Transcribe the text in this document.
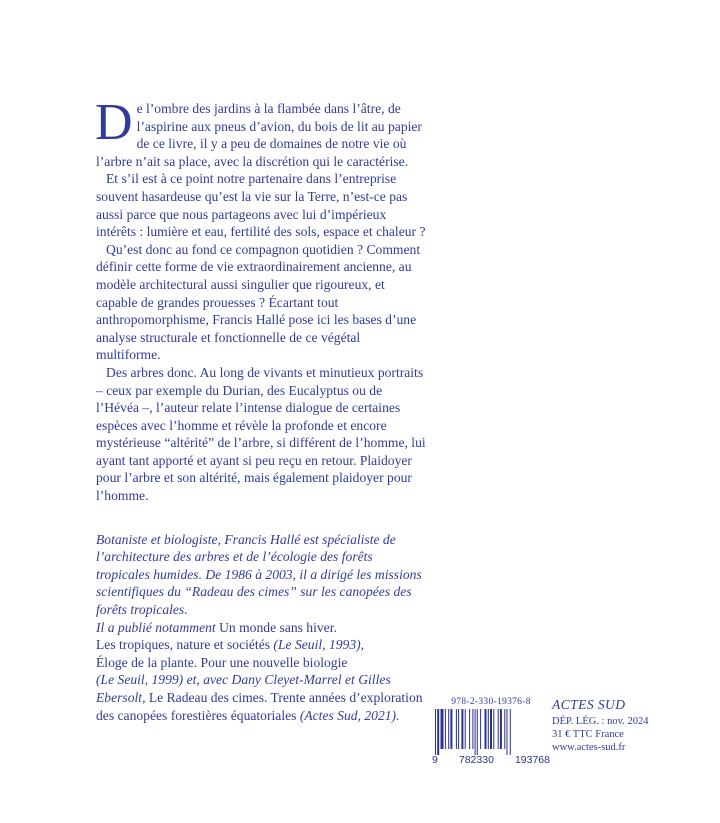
De l’ombre des jardins à la flambée dans l’âtre, de l’aspirine aux pneus d’avion, du bois de lit au papier de ce livre, il y a peu de domaines de notre vie où l’arbre n’ait sa place, avec la discrétion qui le caractérise.

Et s’il est à ce point notre partenaire dans l’entreprise souvent hasardeuse qu’est la vie sur la Terre, n’est-ce pas aussi parce que nous partageons avec lui d’impérieux intérêts : lumière et eau, fertilité des sols, espace et chaleur ?

Qu’est donc au fond ce compagnon quotidien ? Comment définir cette forme de vie extraordinairement ancienne, au modèle architectural aussi singulier que rigoureux, et capable de grandes prouesses ? Écartant tout anthropomorphisme, Francis Hallé pose ici les bases d’une analyse structurale et fonctionnelle de ce végétal multiforme.

Des arbres donc. Au long de vivants et minutieux portraits – ceux par exemple du Durian, des Eucalyptus ou de l’Hévéa –, l’auteur relate l’intense dialogue de certaines espèces avec l’homme et révèle la profonde et encore mystérieuse “altérité” de l’arbre, si différent de l’homme, lui ayant tant apporté et ayant si peu reçu en retour. Plaidoyer pour l’arbre et son altérité, mais également plaidoyer pour l’homme.

Botaniste et biologiste, Francis Hallé est spécialiste de l’architecture des arbres et de l’écologie des forêts tropicales humides. De 1986 à 2003, il a dirigé les missions scientifiques du “Radeau des cimes” sur les canopées des forêts tropicales.

Il a publié notamment Un monde sans hiver.
Les tropiques, nature et sociétés (Le Seuil, 1993),
Éloge de la plante. Pour une nouvelle biologie
(Le Seuil, 1999) et, avec Dany Cleyet-Marrel et Gilles Ebersolt, Le Radeau des cimes. Trente années d’exploration des canopées forestières équatoriales (Actes Sud, 2021).

978-2-330-19376-8
9 782330 193768
ACTES SUD
DÉP. LÉG. : nov. 2024
31 € TTC France
www.actes-sud.fr
